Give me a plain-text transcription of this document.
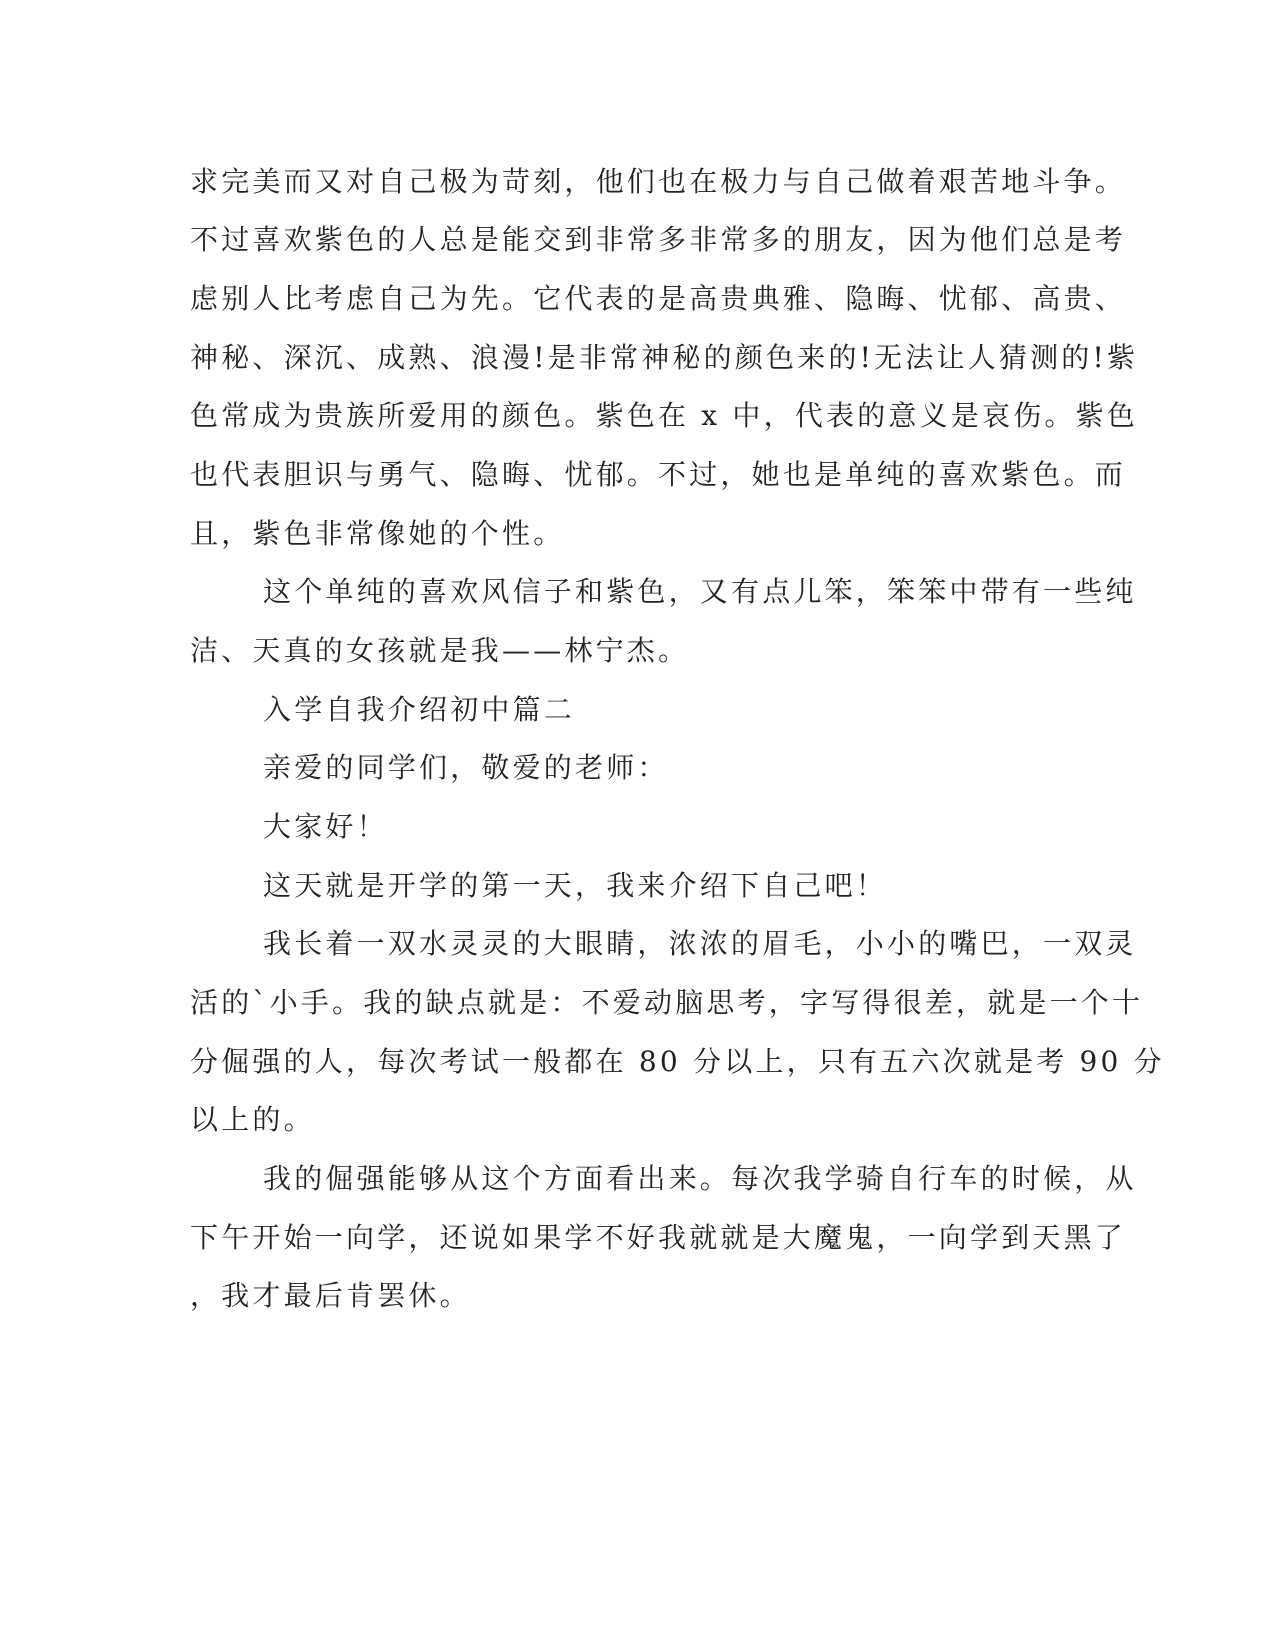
求完美而又对自己极为苛刻，他们也在极力与自己做着艰苦地斗争。

不过喜欢紫色的人总是能交到非常多非常多的朋友，因为他们总是考

虑别人比考虑自己为先。它代表的是高贵典雅、隐晦、忧郁、高贵、

神秘、深沉、成熟、浪漫!是非常神秘的颜色来的!无法让人猜测的!紫

色常成为贵族所爱用的颜色。紫色在 x 中，代表的意义是哀伤。紫色

也代表胆识与勇气、隐晦、忧郁。不过，她也是单纯的喜欢紫色。而

且，紫色非常像她的个性。

这个单纯的喜欢风信子和紫色，又有点儿笨，笨笨中带有一些纯

洁、天真的女孩就是我——林宁杰。

入学自我介绍初中篇二

亲爱的同学们，敬爱的老师：

大家好！

这天就是开学的第一天，我来介绍下自己吧！

我长着一双水灵灵的大眼睛，浓浓的眉毛，小小的嘴巴，一双灵

活的`小手。我的缺点就是：不爱动脑思考，字写得很差，就是一个十

分倔强的人，每次考试一般都在 80 分以上，只有五六次就是考 90 分

以上的。

我的倔强能够从这个方面看出来。每次我学骑自行车的时候，从

下午开始一向学，还说如果学不好我就就是大魔鬼，一向学到天黑了

，我才最后肯罢休。
